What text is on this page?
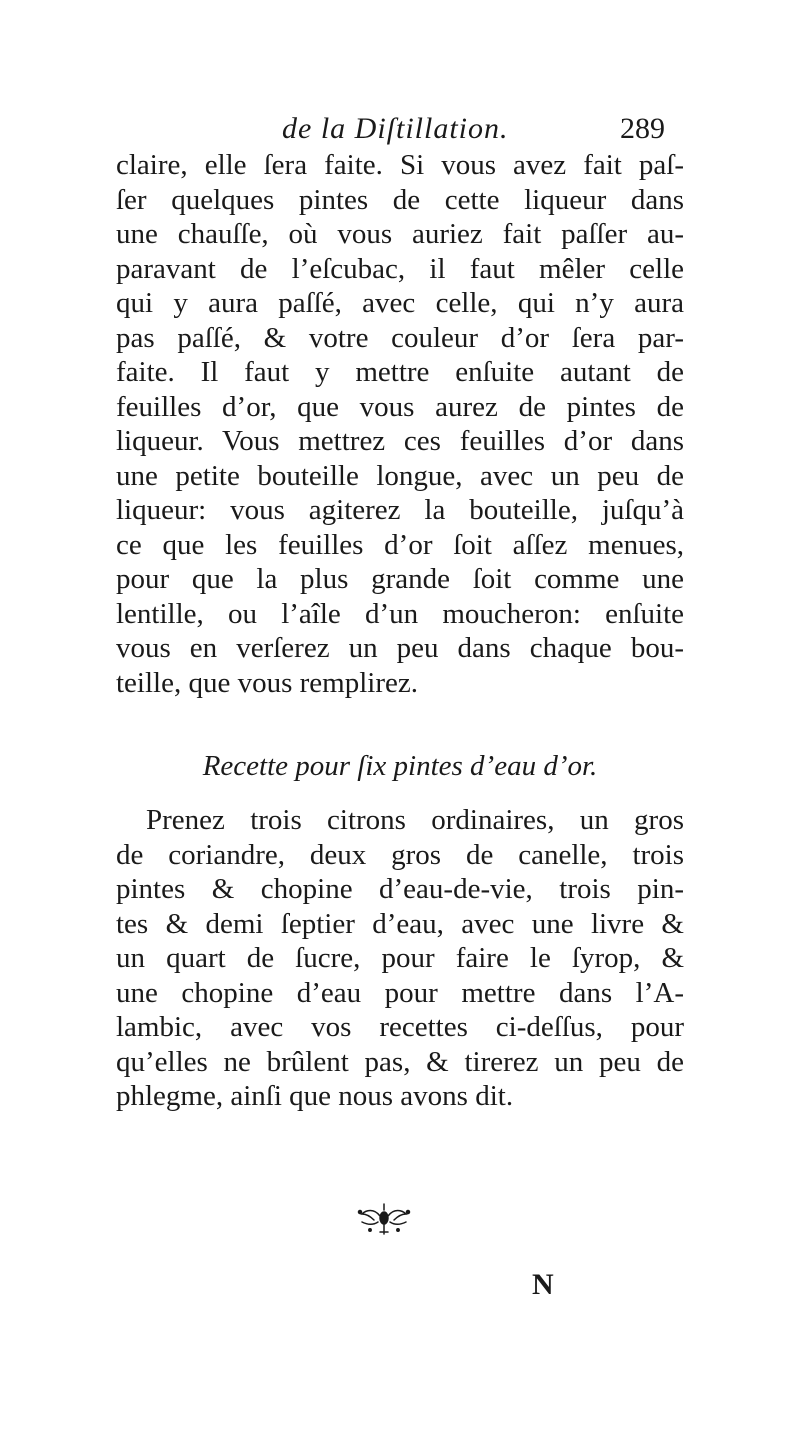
de la Diſtillation.	289
claire, elle ſera faite. Si vous avez fait paſ-
ſer quelques pintes de cette liqueur dans
une chauſſe, où vous auriez fait paſſer au-
paravant de l’eſcubac, il faut mêler celle
qui y aura paſſé, avec celle, qui n’y aura
pas paſſé, & votre couleur d’or ſera par-
faite. Il faut y mettre enſuite autant de
feuilles d’or, que vous aurez de pintes de
liqueur. Vous mettrez ces feuilles d’or dans
une petite bouteille longue, avec un peu de
liqueur: vous agiterez la bouteille, juſqu’à
ce que les feuilles d’or ſoit aſſez menues,
pour que la plus grande ſoit comme une
lentille, ou l’aîle d’un moucheron: enſuite
vous en verſerez un peu dans chaque bou-
teille, que vous remplirez.
Recette pour ſix pintes d’eau d’or.
Prenez trois citrons ordinaires, un gros
de coriandre, deux gros de canelle, trois
pintes & chopine d’eau-de-vie, trois pin-
tes & demi ſeptier d’eau, avec une livre &
un quart de ſucre, pour faire le ſyrop, &
une chopine d’eau pour mettre dans l’A-
lambic, avec vos recettes ci-deſſus, pour
qu’elles ne brûlent pas, & tirerez un peu de
phlegme, ainſi que nous avons dit.
N
